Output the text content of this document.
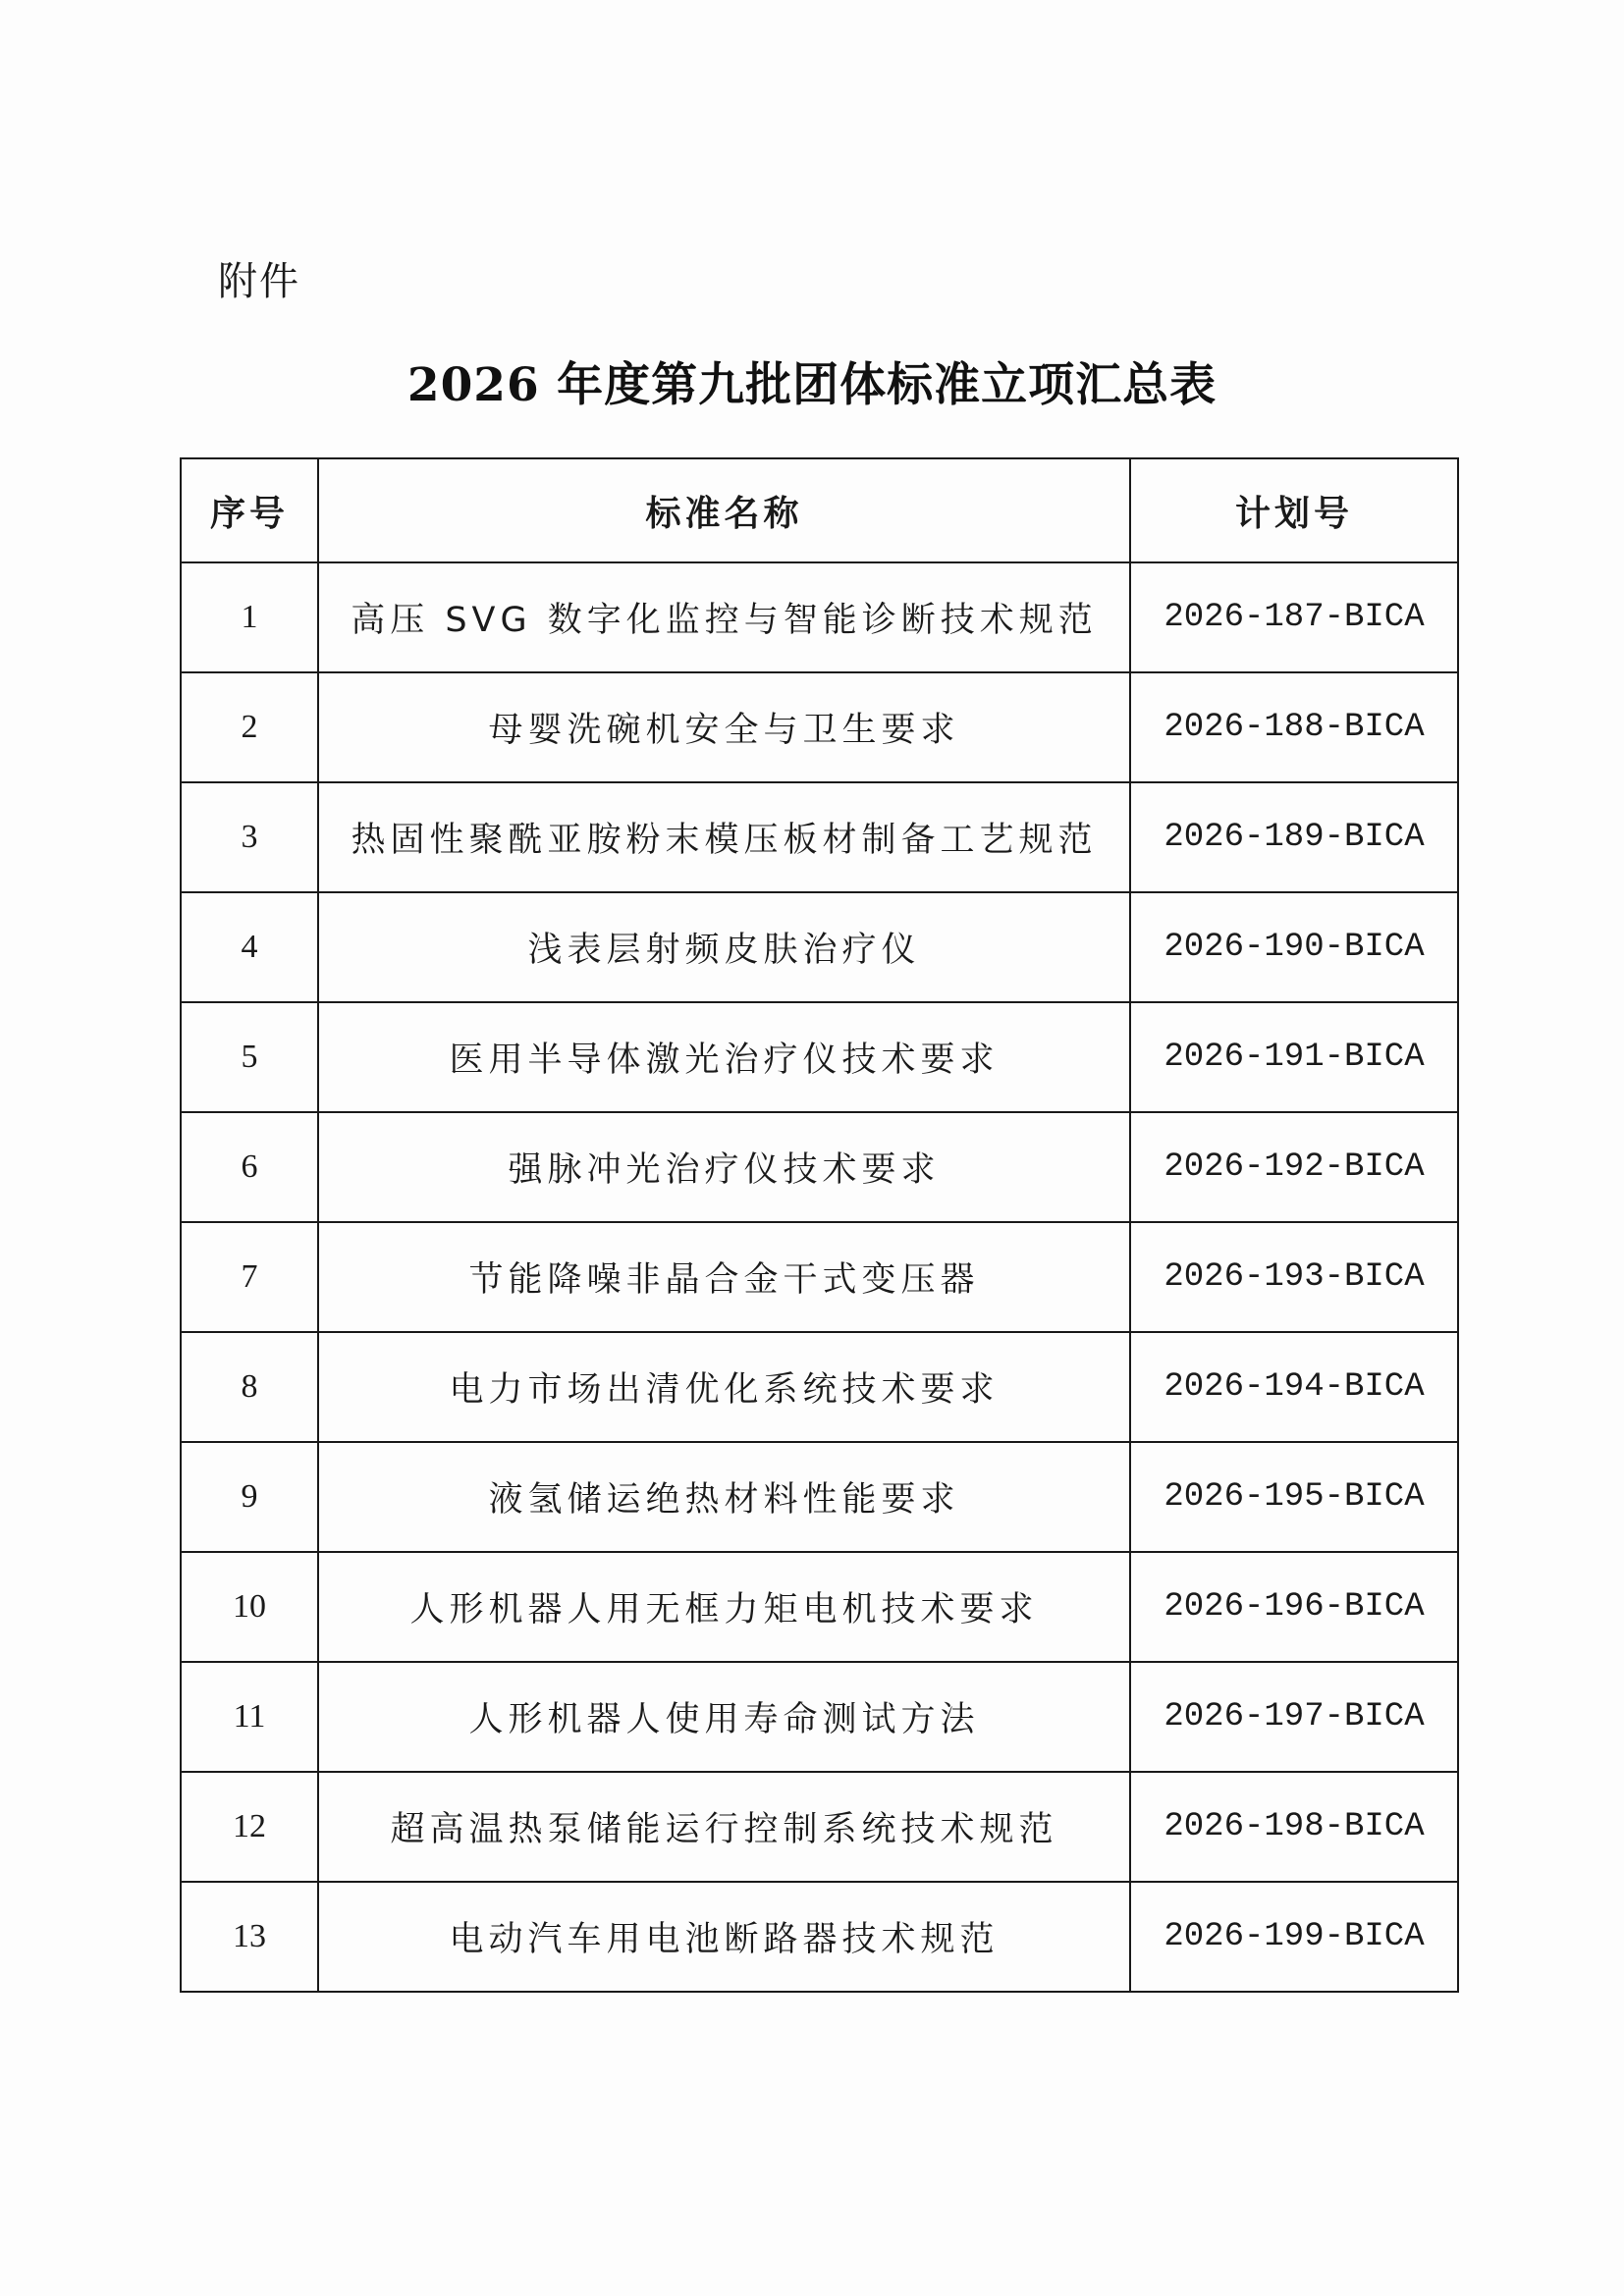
附件
2026 年度第九批团体标准立项汇总表
序号	标准名称	计划号
1	高压 SVG 数字化监控与智能诊断技术规范	2026-187-BICA
2	母婴洗碗机安全与卫生要求	2026-188-BICA
3	热固性聚酰亚胺粉末模压板材制备工艺规范	2026-189-BICA
4	浅表层射频皮肤治疗仪	2026-190-BICA
5	医用半导体激光治疗仪技术要求	2026-191-BICA
6	强脉冲光治疗仪技术要求	2026-192-BICA
7	节能降噪非晶合金干式变压器	2026-193-BICA
8	电力市场出清优化系统技术要求	2026-194-BICA
9	液氢储运绝热材料性能要求	2026-195-BICA
10	人形机器人用无框力矩电机技术要求	2026-196-BICA
11	人形机器人使用寿命测试方法	2026-197-BICA
12	超高温热泵储能运行控制系统技术规范	2026-198-BICA
13	电动汽车用电池断路器技术规范	2026-199-BICA
